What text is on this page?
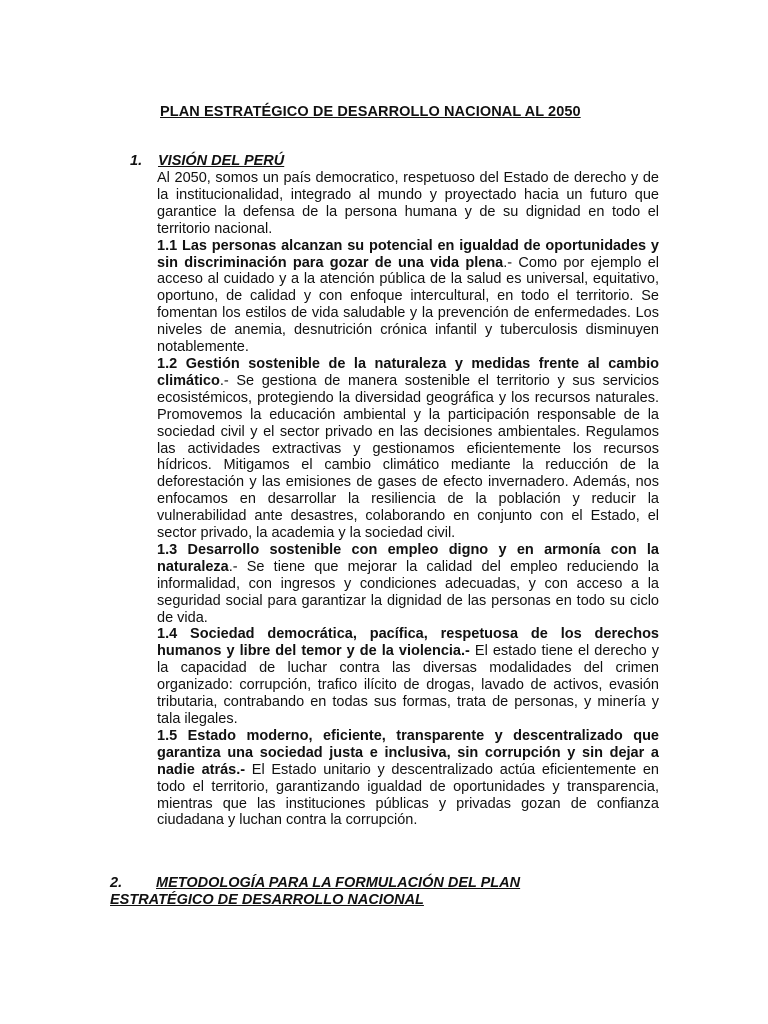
PLAN ESTRATÉGICO DE DESARROLLO NACIONAL AL 2050
1.	VISIÓN DEL PERÚ

Al 2050, somos un país democratico, respetuoso del Estado de derecho y de la institucionalidad, integrado al mundo y proyectado hacia un futuro que garantice la defensa de la persona humana y de su dignidad en todo el territorio nacional.

1.1 Las personas alcanzan su potencial en igualdad de oportunidades y sin discriminación para gozar de una vida plena.- Como por ejemplo el acceso al cuidado y a la atención pública de la salud es universal, equitativo, oportuno, de calidad y con enfoque intercultural, en todo el territorio. Se fomentan los estilos de vida saludable y la prevención de enfermedades. Los niveles de anemia, desnutrición crónica infantil y tuberculosis disminuyen notablemente.

1.2 Gestión sostenible de la naturaleza y medidas frente al cambio climático.- Se gestiona de manera sostenible el territorio y sus servicios ecosistémicos, protegiendo la diversidad geográfica y los recursos naturales. Promovemos la educación ambiental y la participación responsable de la sociedad civil y el sector privado en las decisiones ambientales. Regulamos las actividades extractivas y gestionamos eficientemente los recursos hídricos. Mitigamos el cambio climático mediante la reducción de la deforestación y las emisiones de gases de efecto invernadero. Además, nos enfocamos en desarrollar la resiliencia de la población y reducir la vulnerabilidad ante desastres, colaborando en conjunto con el Estado, el sector privado, la academia y la sociedad civil.

1.3 Desarrollo sostenible con empleo digno y en armonía con la naturaleza.- Se tiene que mejorar la calidad del empleo reduciendo la informalidad, con ingresos y condiciones adecuadas, y con acceso a la seguridad social para garantizar la dignidad de las personas en todo su ciclo de vida.

1.4 Sociedad democrática, pacífica, respetuosa de los derechos humanos y libre del temor y de la violencia.- El estado tiene el derecho y la capacidad de luchar contra las diversas modalidades del crimen organizado: corrupción, trafico ilícito de drogas, lavado de activos, evasión tributaria, contrabando en todas sus formas, trata de personas, y minería y tala ilegales.

1.5 Estado moderno, eficiente, transparente y descentralizado que garantiza una sociedad justa e inclusiva, sin corrupción y sin dejar a nadie atrás.- El Estado unitario y descentralizado actúa eficientemente en todo el territorio, garantizando igualdad de oportunidades y transparencia, mientras que las instituciones públicas y privadas gozan de confianza ciudadana y luchan contra la corrupción.

2.	METODOLOGÍA PARA LA FORMULACIÓN DEL PLAN
ESTRATÉGICO DE DESARROLLO NACIONAL
